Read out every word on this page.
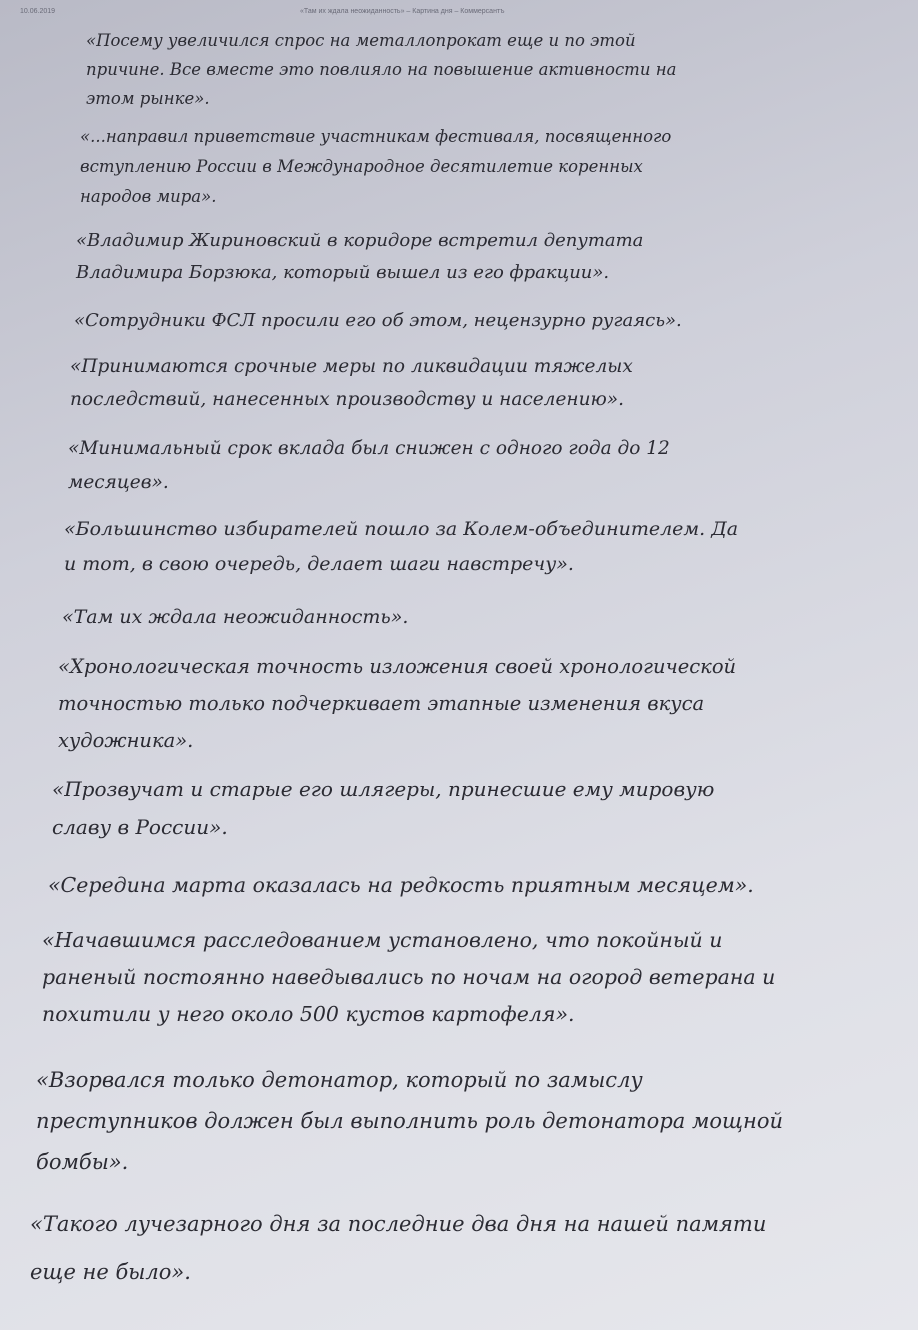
10.06.2019	«Там их ждала неожиданность» – Картина дня – Коммерсантъ
«Посему увеличился спрос на металлопрокат еще и по этой
причине. Все вместе это повлияло на повышение активности на
этом рынке».
«...направил приветствие участникам фестиваля, посвященного
вступлению России в Международное десятилетие коренных
народов мира».
«Владимир Жириновский в коридоре встретил депутата
Владимира Борзюка, который вышел из его фракции».
«Сотрудники ФСЛ просили его об этом, нецензурно ругаясь».
«Принимаются срочные меры по ликвидации тяжелых
последствий, нанесенных производству и населению».
«Минимальный срок вклада был снижен с одного года до 12
месяцев».
«Большинство избирателей пошло за Колем-объединителем. Да
и тот, в свою очередь, делает шаги навстречу».
«Там их ждала неожиданность».
«Хронологическая точность изложения своей хронологической
точностью только подчеркивает этапные изменения вкуса
художника».
«Прозвучат и старые его шлягеры, принесшие ему мировую
славу в России».
«Середина марта оказалась на редкость приятным месяцем».
«Начавшимся расследованием установлено, что покойный и
раненый постоянно наведывались по ночам на огород ветерана и
похитили у него около 500 кустов картофеля».
«Взорвался только детонатор, который по замыслу
преступников должен был выполнить роль детонатора мощной
бомбы».
«Такого лучезарного дня за последние два дня на нашей памяти
еще не было».
